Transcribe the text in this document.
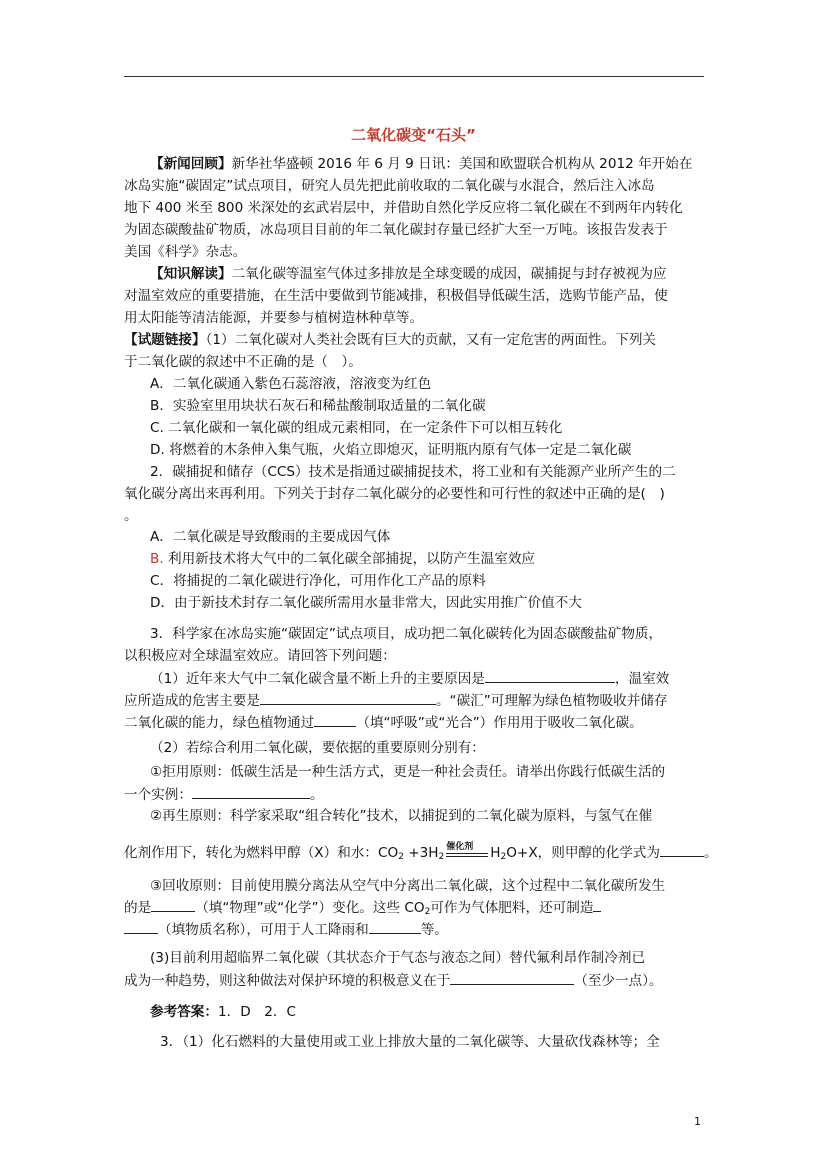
二氧化碳变“石头”
【新闻回顾】新华社华盛顿 2016 年 6 月 9 日讯：美国和欧盟联合机构从 2012 年开始在
冰岛实施“碳固定”试点项目，研究人员先把此前收取的二氧化碳与水混合，然后注入冰岛
地下 400 米至 800 米深处的玄武岩层中，并借助自然化学反应将二氧化碳在不到两年内转化
为固态碳酸盐矿物质，冰岛项目目前的年二氧化碳封存量已经扩大至一万吨。该报告发表于
美国《科学》杂志。
【知识解读】二氧化碳等温室气体过多排放是全球变暖的成因，碳捕捉与封存被视为应
对温室效应的重要措施，在生活中要做到节能减排，积极倡导低碳生活，选购节能产品，使
用太阳能等清洁能源，并要参与植树造林种草等。
【试题链接】（1）二氧化碳对人类社会既有巨大的贡献，又有一定危害的两面性。下列关
于二氧化碳的叙述中不正确的是（　）。
A．二氧化碳通入紫色石蕊溶液，溶液变为红色
B．实验室里用块状石灰石和稀盐酸制取适量的二氧化碳
C. 二氧化碳和一氧化碳的组成元素相同，在一定条件下可以相互转化
D. 将燃着的木条伸入集气瓶，火焰立即熄灭，证明瓶内原有气体一定是二氧化碳
2．碳捕捉和储存（CCS）技术是指通过碳捕捉技术，将工业和有关能源产业所产生的二
氧化碳分离出来再利用。下列关于封存二氧化碳分的必要性和可行性的叙述中正确的是(　)
。
A．二氧化碳是导致酸雨的主要成因气体
B. 利用新技术将大气中的二氧化碳全部捕捉，以防产生温室效应
C．将捕捉的二氧化碳进行净化，可用作化工产品的原料
D．由于新技术封存二氧化碳所需用水量非常大，因此实用推广价值不大
3．科学家在冰岛实施“碳固定”试点项目，成功把二氧化碳转化为固态碳酸盐矿物质，
以积极应对全球温室效应。请回答下列问题：
（1）近年来大气中二氧化碳含量不断上升的主要原因是	，温室效
应所造成的危害主要是	。“碳汇”可理解为绿色植物吸收并储存
二氧化碳的能力，绿色植物通过	（填“呼吸”或“光合”）作用用于吸收二氧化碳。
（2）若综合利用二氧化碳，要依据的重要原则分别有：
①拒用原则：低碳生活是一种生活方式，更是一种社会责任。请举出你践行低碳生活的
一个实例：	。
②再生原则：科学家采取“组合转化”技术，以捕捉到的二氧化碳为原料，与氢气在催
化剂作用下，转化为燃料甲醇（X）和水：$CO_2 +3H_2$
催化剂 $H_2O+X$，则甲醇的化学式为	。
③回收原则：目前使用膜分离法从空气中分离出二氧化碳，这个过程中二氧化碳所发生
的是	（填“物理”或“化学”）变化。这些 $CO_2$可作为气体肥料，还可制造
（填物质名称），可用于人工降雨和	等。
(3)目前利用超临界二氧化碳（其状态介于气态与液态之间）替代氟利昂作制冷剂已
成为一种趋势，则这种做法对保护环境的积极意义在于	（至少一点）。
参考答案：1．D　2．C
3．（1）化石燃料的大量使用或工业上排放大量的二氧化碳等、大量砍伐森林等；全
1
